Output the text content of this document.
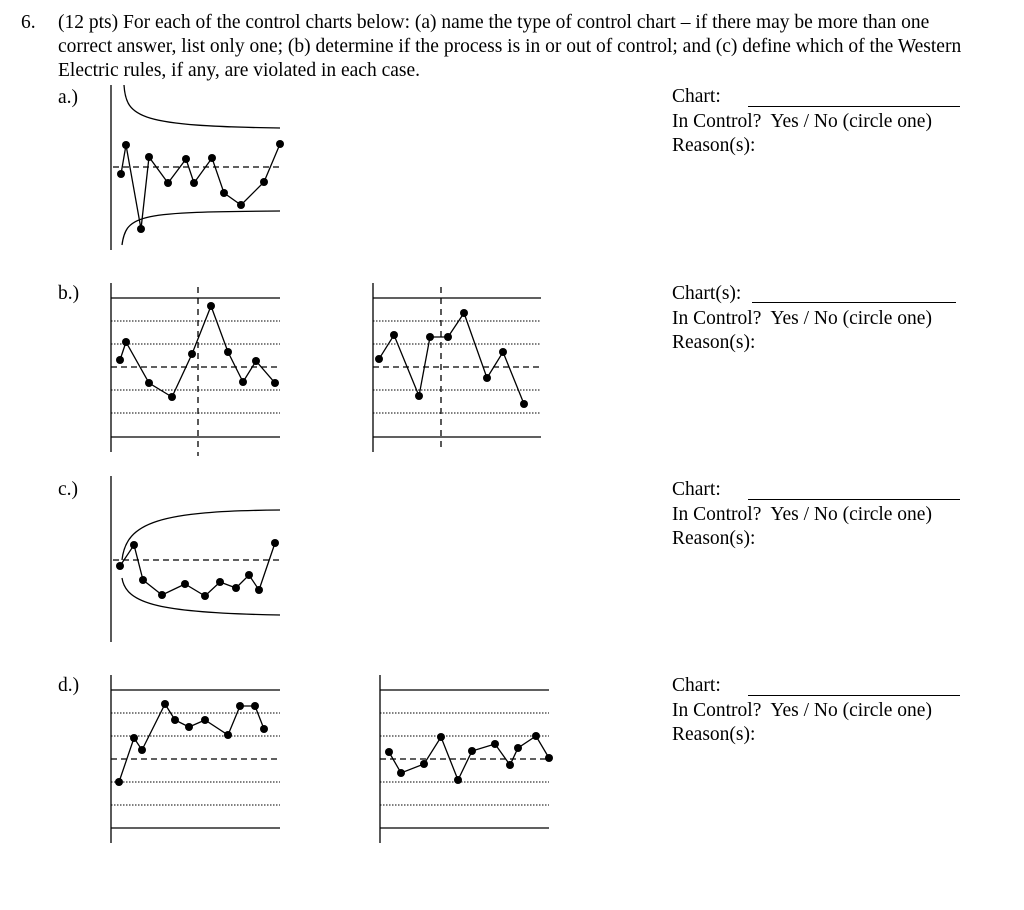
6. (12 pts) For each of the control charts below: (a) name the type of control chart – if there may be more than one correct answer, list only one; (b) determine if the process is in or out of control; and (c) define which of the Western Electric rules, if any, are violated in each case.
a.)
b.)
c.)
d.)
Chart:
In Control? Yes / No (circle one)
Reason(s):
Chart(s):
In Control? Yes / No (circle one)
Reason(s):
Chart:
In Control? Yes / No (circle one)
Reason(s):
Chart:
In Control? Yes / No (circle one)
Reason(s):
